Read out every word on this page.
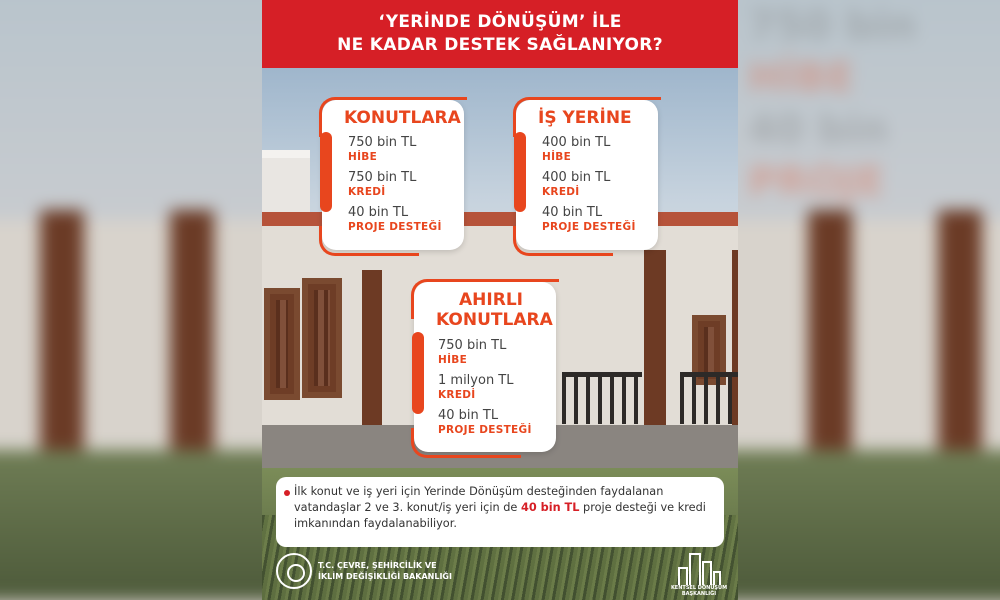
750 bin
HİBE
40 bin
PROJE
‘YERİNDE DÖNÜŞÜM’ İLE
NE KADAR DESTEK SAĞLANIYOR?
KONUTLARA
750 bin TL
HİBE
750 bin TL
KREDİ
40 bin TL
PROJE DESTEĞİ
İŞ YERİNE
400 bin TL
HİBE
400 bin TL
KREDİ
40 bin TL
PROJE DESTEĞİ
AHIRLI
KONUTLARA
750 bin TL
HİBE
1 milyon TL
KREDİ
40 bin TL
PROJE DESTEĞİ
İlk konut ve iş yeri için Yerinde Dönüşüm desteğinden faydalanan vatandaşlar 2 ve 3. konut/iş yeri için de 40 bin TL proje desteği ve kredi imkanından faydalanabiliyor.
T.C. ÇEVRE, ŞEHİRCİLİK VE
İKLİM DEĞİŞİKLİĞİ BAKANLIĞI
KENTSEL DÖNÜŞÜM
BAŞKANLIĞI
